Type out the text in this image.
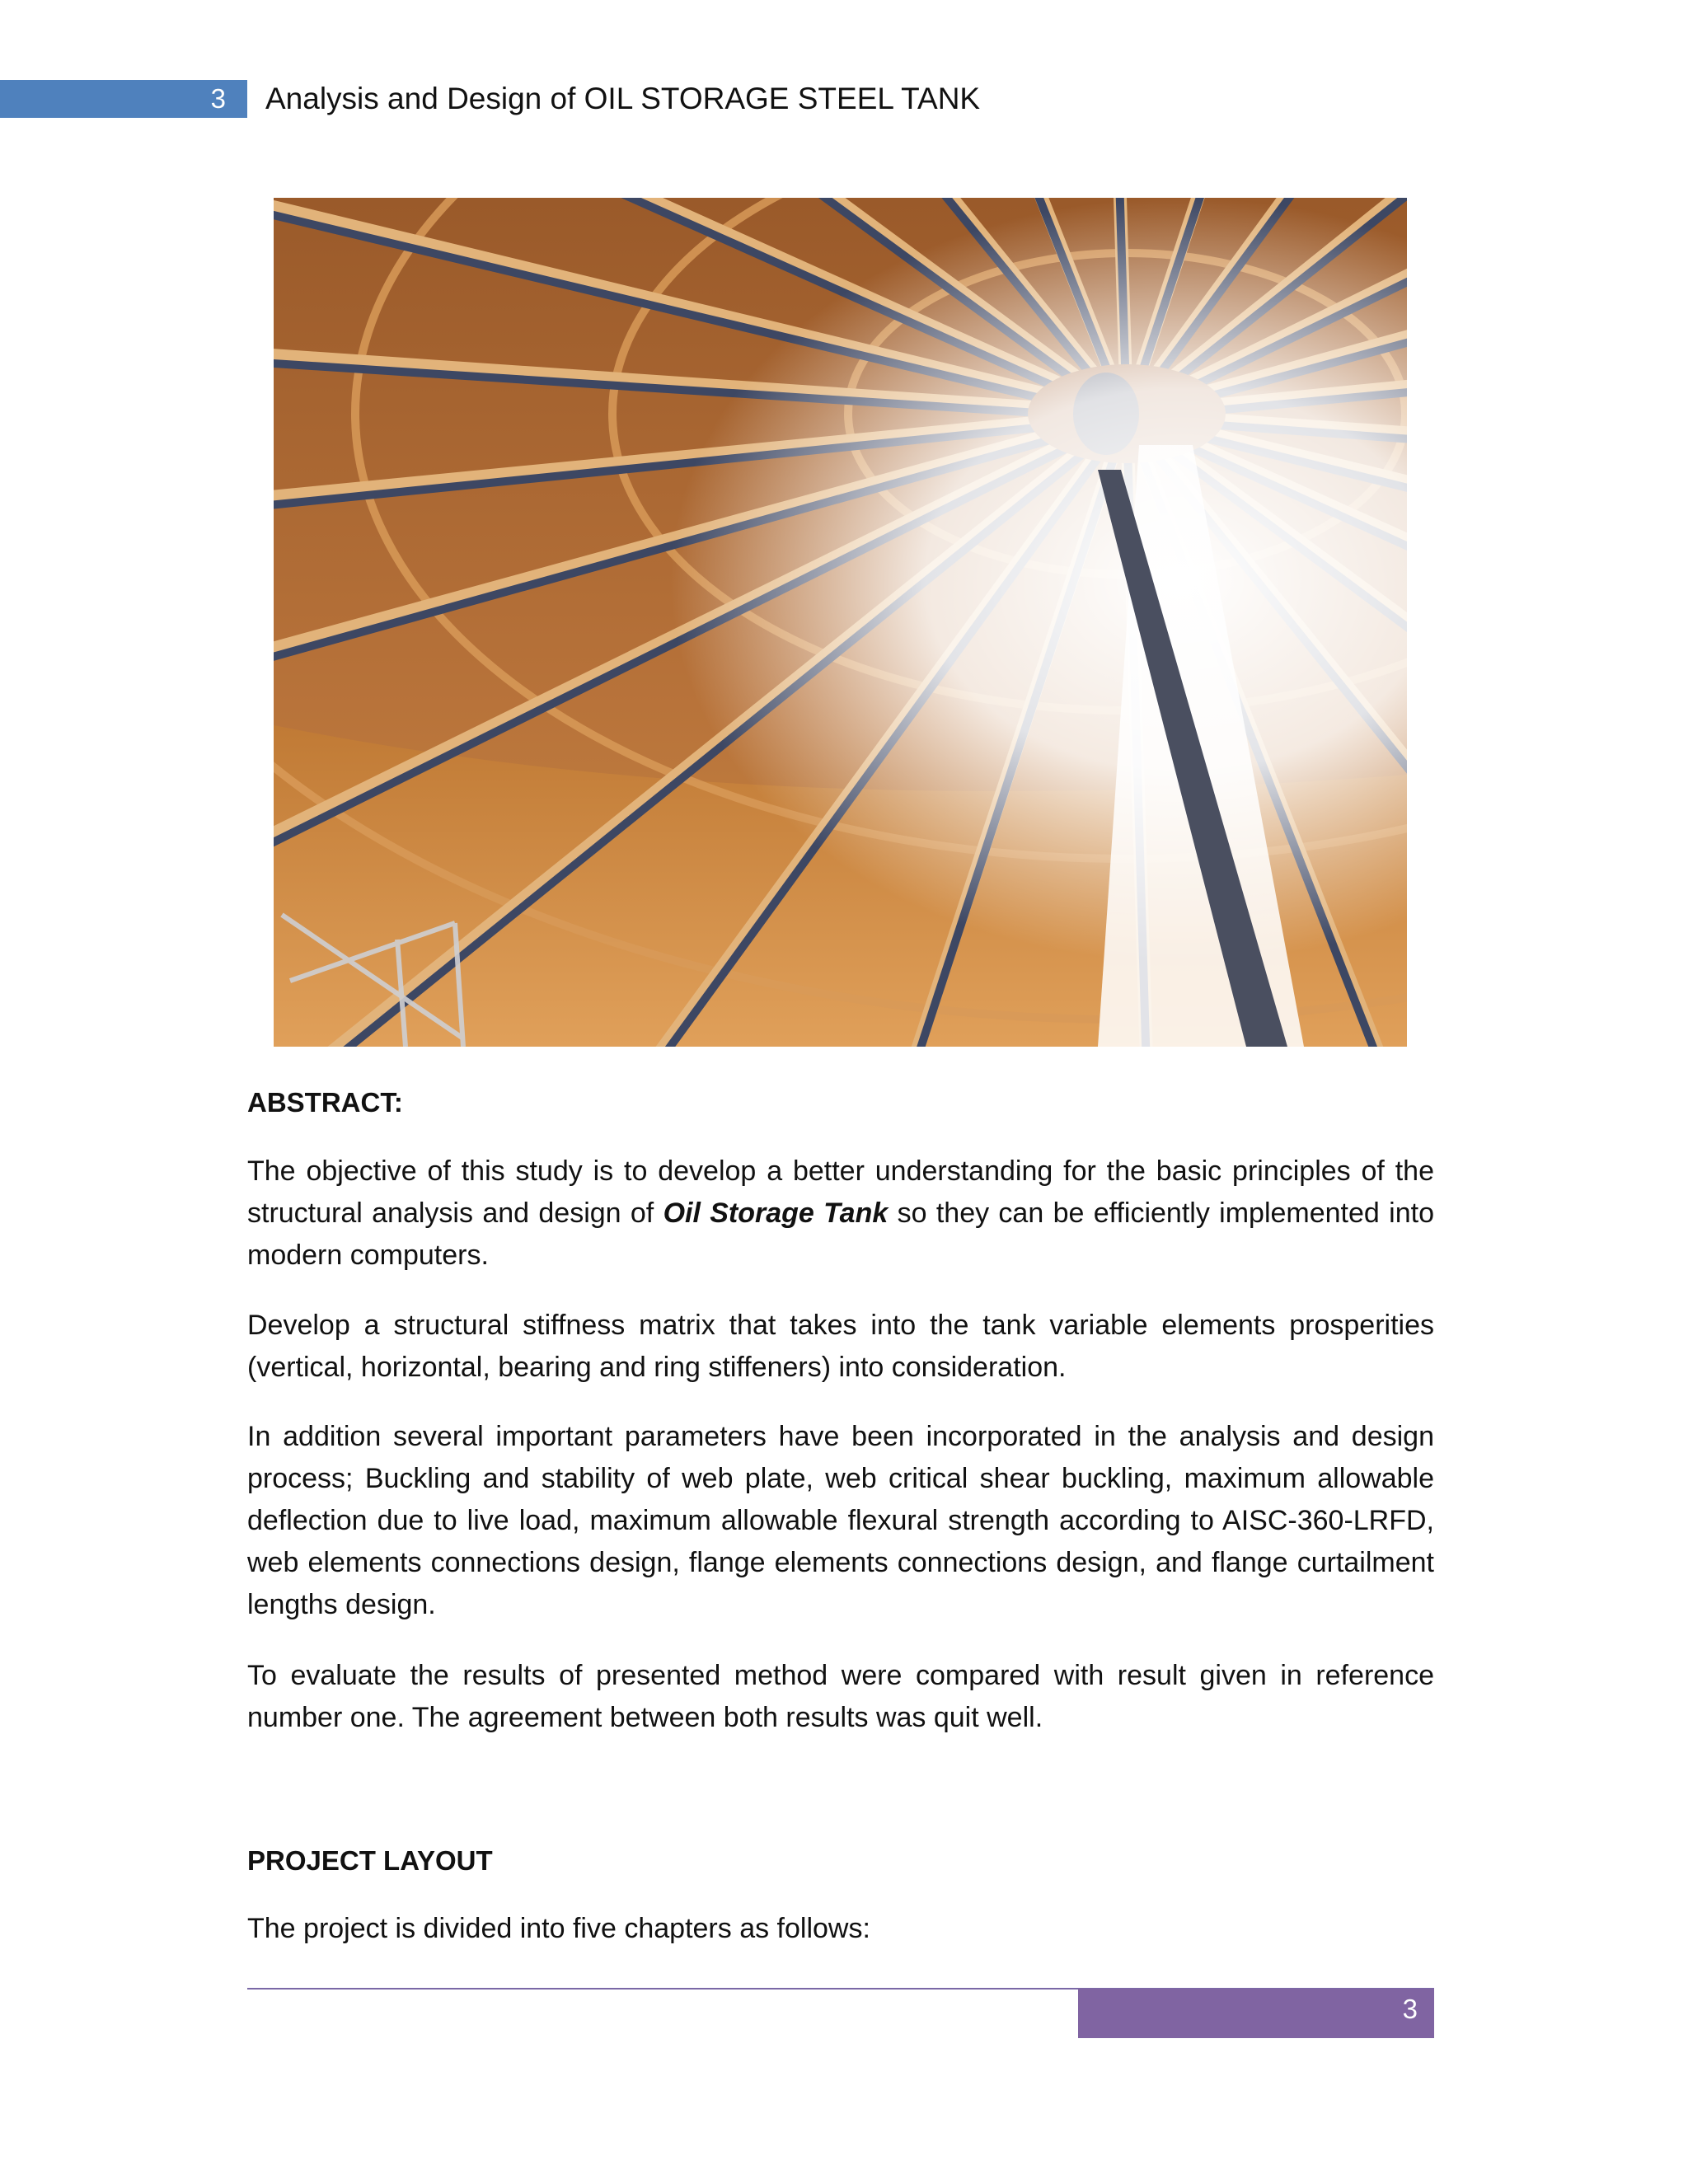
3	Analysis and Design of OIL STORAGE STEEL TANK

ABSTRACT:

The objective of this study is to develop a better understanding for the basic principles of the structural analysis and design of Oil Storage Tank so they can be efficiently implemented into modern computers.

Develop a structural stiffness matrix that takes into the tank variable elements prosperities (vertical, horizontal, bearing and ring stiffeners) into consideration.

In addition several important parameters have been incorporated in the analysis and design process; Buckling and stability of web plate, web critical shear buckling, maximum allowable deflection due to live load, maximum allowable flexural strength according to AISC-360-LRFD, web elements connections design, flange elements connections design, and flange curtailment lengths design.

To evaluate the results of presented method were compared with result given in reference number one. The agreement between both results was quit well.

PROJECT LAYOUT

The project is divided into five chapters as follows:

3
